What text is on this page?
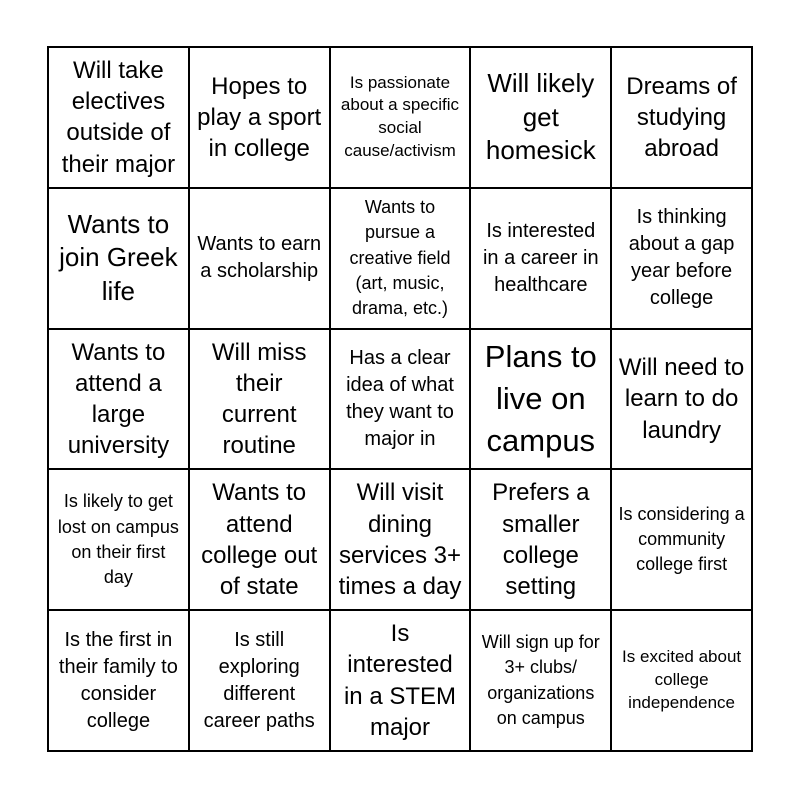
Will take electives outside of their major
Hopes to play a sport in college
Is passionate about a specific social cause/activism
Will likely get homesick
Dreams of studying abroad
Wants to join Greek life
Wants to earn a scholarship
Wants to pursue a creative field (art, music, drama, etc.)
Is interested in a career in healthcare
Is thinking about a gap year before college
Wants to attend a large university
Will miss their current routine
Has a clear idea of what they want to major in
Plans to live on campus
Will need to learn to do laundry
Is likely to get lost on campus on their first day
Wants to attend college out of state
Will visit dining services 3+ times a day
Prefers a smaller college setting
Is considering a community college first
Is the first in their family to consider college
Is still exploring different career paths
Is interested in a STEM major
Will sign up for 3+ clubs/ organizations on campus
Is excited about college independence
